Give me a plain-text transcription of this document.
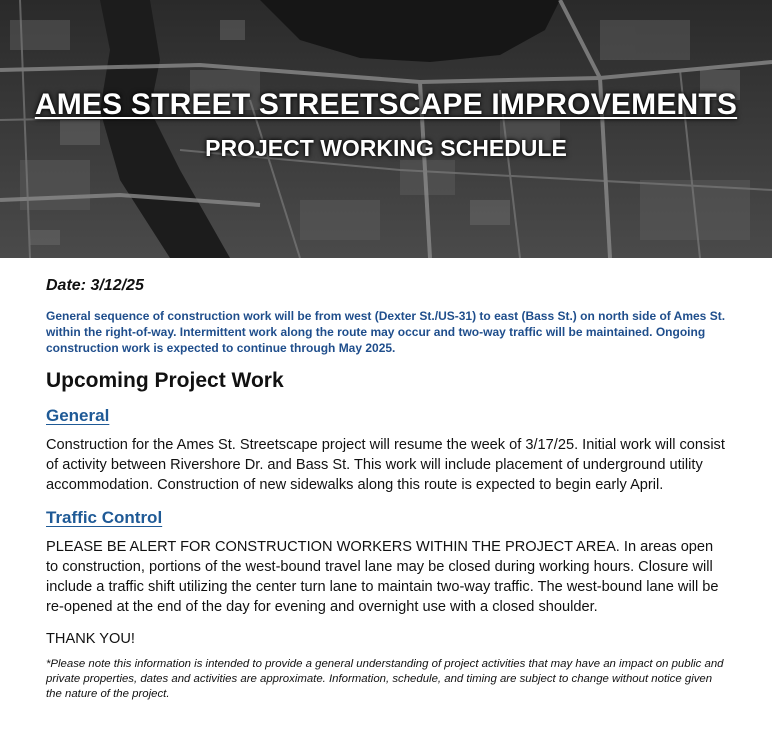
AMES STREET STREETSCAPE IMPROVEMENTS
PROJECT WORKING SCHEDULE
Date: 3/12/25
General sequence of construction work will be from west (Dexter St./US-31) to east (Bass St.) on north side of Ames St. within the right-of-way. Intermittent work along the route may occur and two-way traffic will be maintained. Ongoing construction work is expected to continue through May 2025.
Upcoming Project Work
General
Construction for the Ames St. Streetscape project will resume the week of 3/17/25. Initial work will consist of activity between Rivershore Dr. and Bass St. This work will include placement of underground utility accommodation. Construction of new sidewalks along this route is expected to begin early April.
Traffic Control
PLEASE BE ALERT FOR CONSTRUCTION WORKERS WITHIN THE PROJECT AREA. In areas open to construction, portions of the west-bound travel lane may be closed during working hours. Closure will include a traffic shift utilizing the center turn lane to maintain two-way traffic. The west-bound lane will be re-opened at the end of the day for evening and overnight use with a closed shoulder.
THANK YOU!
*Please note this information is intended to provide a general understanding of project activities that may have an impact on public and private properties, dates and activities are approximate. Information, schedule, and timing are subject to change without notice given the nature of the project.
